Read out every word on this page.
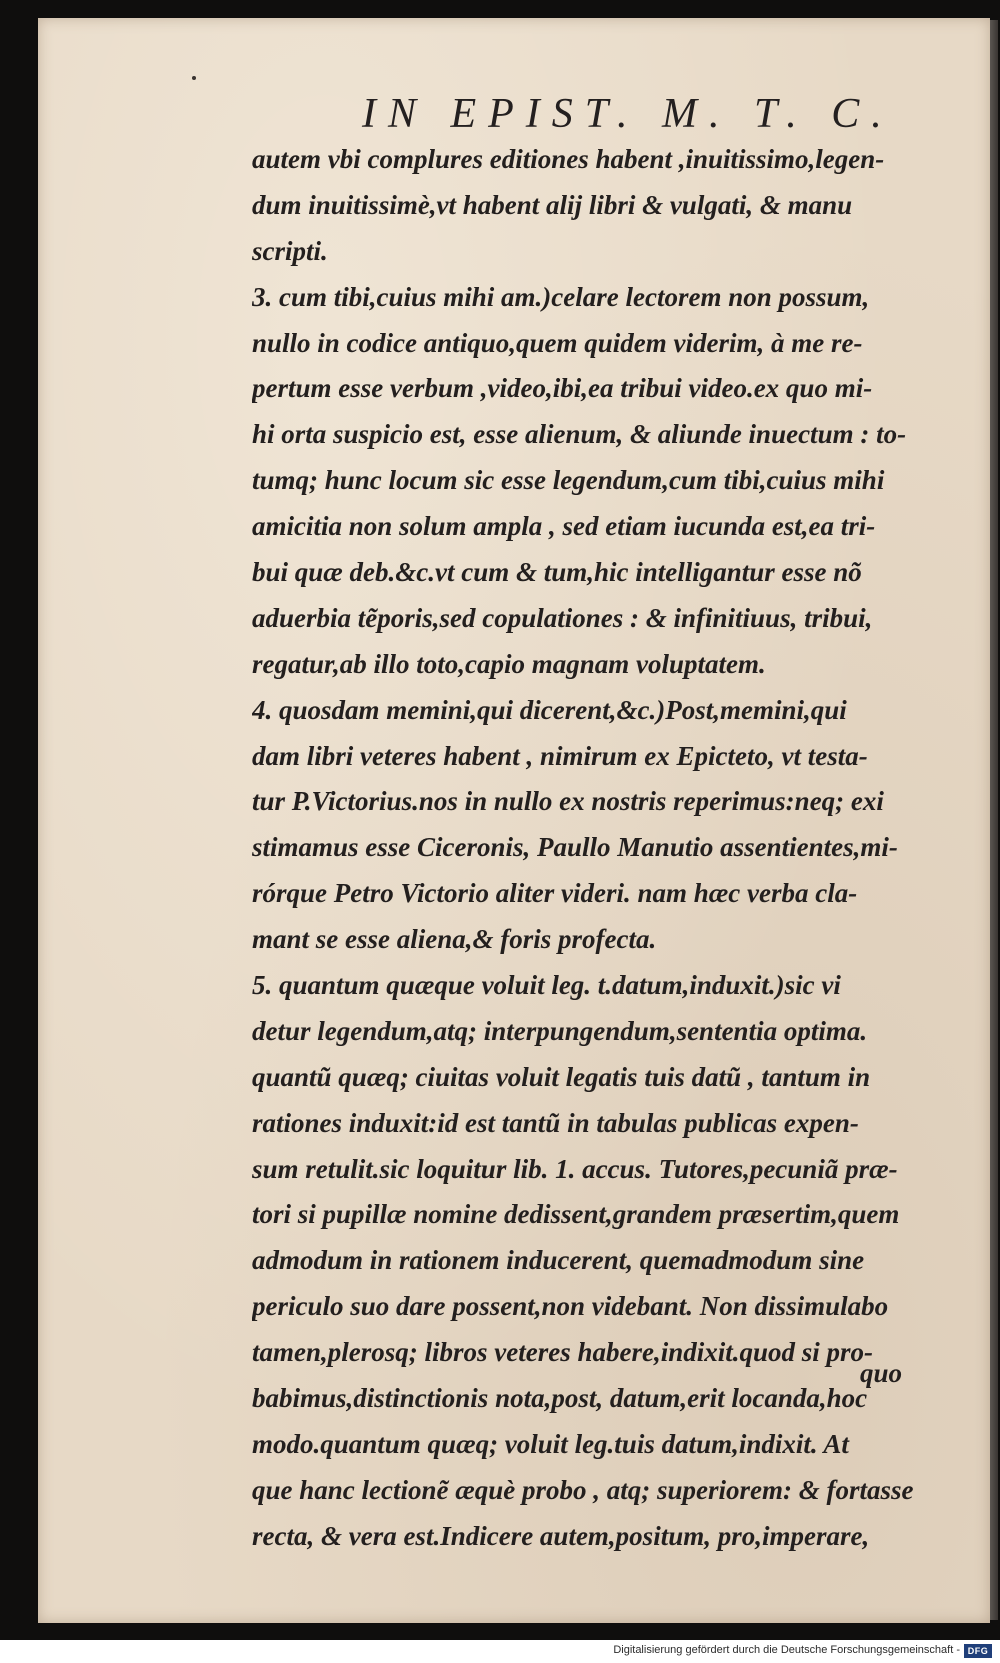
IN EPIST. M. T. C.
autem vbi complures editiones habent ,inuitissimo,legen-
dum inuitissimè,vt habent alij libri & vulgati, & manu
scripti.
3. cum tibi,cuius mihi am.)celare lectorem non possum,
nullo in codice antiquo,quem quidem viderim, à me re-
pertum esse verbum ,video,ibi,ea tribui video.ex quo mi-
hi orta suspicio est, esse alienum, & aliunde inuectum : to-
tumq; hunc locum sic esse legendum,cum tibi,cuius mihi
amicitia non solum ampla , sed etiam iucunda est,ea tri-
bui quæ deb.&c.vt cum & tum,hic intelligantur esse nõ
aduerbia tẽporis,sed copulationes : & infinitiuus, tribui,
regatur,ab illo toto,capio magnam voluptatem.
4. quosdam memini,qui dicerent,&c.)Post,memini,qui
dam libri veteres habent , nimirum ex Epicteto, vt testa-
tur P.Victorius.nos in nullo ex nostris reperimus:neq; exi
stimamus esse Ciceronis, Paullo Manutio assentientes,mi-
rórque Petro Victorio aliter videri. nam hæc verba cla-
mant se esse aliena,& foris profecta.
5. quantum quæque voluit leg. t.datum,induxit.)sic vi
detur legendum,atq; interpungendum,sententia optima.
quantũ quæq; ciuitas voluit legatis tuis datũ , tantum in
rationes induxit:id est tantũ in tabulas publicas expen-
sum retulit.sic loquitur lib. 1. accus. Tutores,pecuniã præ-
tori si pupillæ nomine dedissent,grandem præsertim,quem
admodum in rationem inducerent, quemadmodum sine
periculo suo dare possent,non videbant. Non dissimulabo
tamen,plerosq; libros veteres habere,indixit.quod si pro-
babimus,distinctionis nota,post, datum,erit locanda,hoc
modo.quantum quæq; voluit leg.tuis datum,indixit. At
que hanc lectionẽ æquè probo , atq; superiorem: & fortasse
recta, & vera est.Indicere autem,positum, pro,imperare,
quo
Digitalisierung gefördert durch die Deutsche Forschungsgemeinschaft - DFG
